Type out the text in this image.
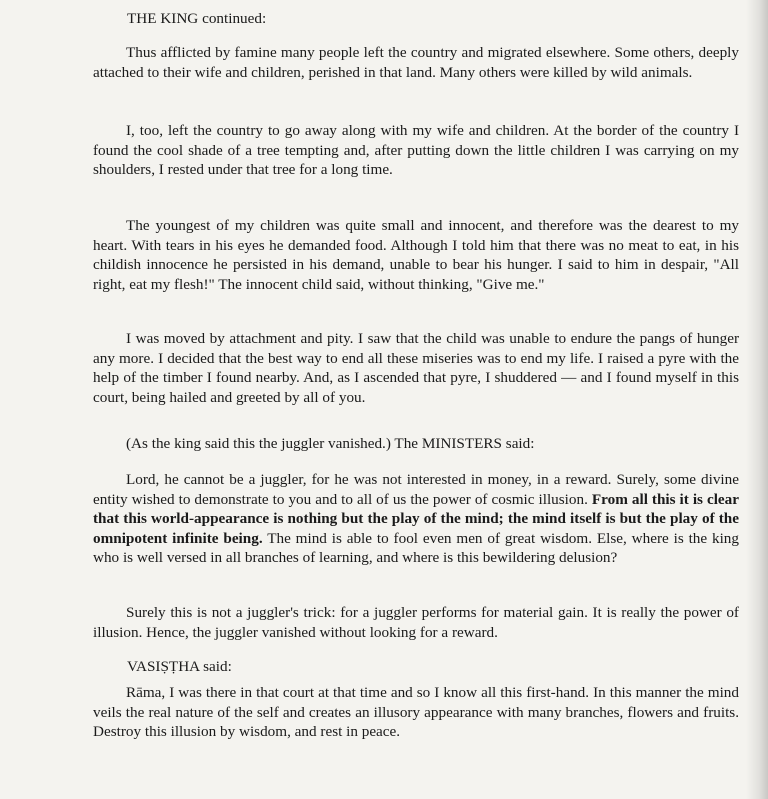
THE KING continued:

Thus afflicted by famine many people left the country and migrated elsewhere. Some others, deeply attached to their wife and children, perished in that land. Many others were killed by wild animals.

I, too, left the country to go away along with my wife and children. At the border of the country I found the cool shade of a tree tempting and, after putting down the little children I was carrying on my shoulders, I rested under that tree for a long time.

The youngest of my children was quite small and innocent, and therefore was the dearest to my heart. With tears in his eyes he demanded food. Although I told him that there was no meat to eat, in his childish innocence he persisted in his demand, unable to bear his hunger. I said to him in despair, "All right, eat my flesh!" The innocent child said, without thinking, "Give me."

I was moved by attachment and pity. I saw that the child was unable to endure the pangs of hunger any more. I decided that the best way to end all these miseries was to end my life. I raised a pyre with the help of the timber I found nearby. And, as I ascended that pyre, I shuddered — and I found myself in this court, being hailed and greeted by all of you.

(As the king said this the juggler vanished.) The MINISTERS said:

Lord, he cannot be a juggler, for he was not interested in money, in a reward. Surely, some divine entity wished to demonstrate to you and to all of us the power of cosmic illusion. From all this it is clear that this world-appearance is nothing but the play of the mind; the mind itself is but the play of the omnipotent infinite being. The mind is able to fool even men of great wisdom. Else, where is the king who is well versed in all branches of learning, and where is this bewildering delusion?

Surely this is not a juggler's trick: for a juggler performs for material gain. It is really the power of illusion. Hence, the juggler vanished without looking for a reward.

VASIṢṬHA said:

Rāma, I was there in that court at that time and so I know all this first-hand. In this manner the mind veils the real nature of the self and creates an illusory appearance with many branches, flowers and fruits. Destroy this illusion by wisdom, and rest in peace.
